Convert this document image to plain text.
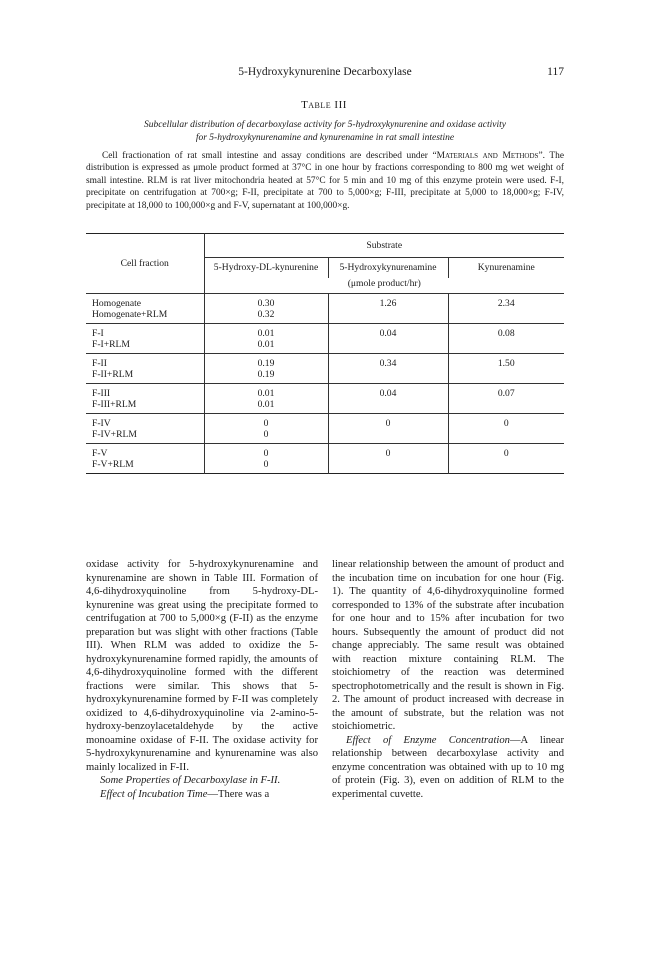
5-Hydroxykynurenine Decarboxylase	117
Table III
Subcellular distribution of decarboxylase activity for 5-hydroxykynurenine and oxidase activity
for 5-hydroxykynurenamine and kynurenamine in rat small intestine
Cell fractionation of rat small intestine and assay conditions are described under “Materials and Methods”. The distribution is expressed as μmole product formed at 37°C in one hour by fractions corresponding to 800 mg wet weight of small intestine. RLM is rat liver mitochondria heated at 57°C for 5 min and 10 mg of this enzyme protein were used. F-I, precipitate on centrifugation at 700×g; F-II, precipitate at 700 to 5,000×g; F-III, precipitate at 5,000 to 18,000×g; F-IV, precipitate at 18,000 to 100,000×g and F-V, supernatant at 100,000×g.
Cell fraction	Substrate		
	5-Hydroxy-DL-kynurenine	5-Hydroxykynurenamine	Kynurenamine
	(μmole product/hr)		
Homogenate	0.30	1.26	2.34
Homogenate+RLM	0.32		
F-I	0.01	0.04	0.08
F-I+RLM	0.01		
F-II	0.19	0.34	1.50
F-II+RLM	0.19		
F-III	0.01	0.04	0.07
F-III+RLM	0.01		
F-IV	0	0	0
F-IV+RLM	0		
F-V	0	0	0
F-V+RLM	0		

oxidase activity for 5-hydroxykynurenamine and kynurenamine are shown in Table III. Formation of 4,6-dihydroxyquinoline from 5-hydroxy-DL-kynurenine was great using the precipitate formed to centrifugation at 700 to 5,000×g (F-II) as the enzyme preparation but was slight with other fractions (Table III). When RLM was added to oxidize the 5-hydroxykynurenamine formed rapidly, the amounts of 4,6-dihydroxyquinoline formed with the different fractions were similar. This shows that 5-hydroxykynurenamine formed by F-II was completely oxidized to 4,6-dihydroxyquinoline via 2-amino-5-hydroxy-benzoylacetaldehyde by the active monoamine oxidase of F-II. The oxidase activity for 5-hydroxykynurenamine and kynurenamine was also mainly localized in F-II.

Some Properties of Decarboxylase in F-II.

Effect of Incubation Time—There was a

linear relationship between the amount of product and the incubation time on incubation for one hour (Fig. 1). The quantity of 4,6-dihydroxyquinoline formed corresponded to 13% of the substrate after incubation for one hour and to 15% after incubation for two hours. Subsequently the amount of product did not change appreciably. The same result was obtained with reaction mixture containing RLM. The stoichiometry of the reaction was determined spectrophotometrically and the result is shown in Fig. 2. The amount of product increased with decrease in the amount of substrate, but the relation was not stoichiometric.

Effect of Enzyme Concentration—A linear relationship between decarboxylase activity and enzyme concentration was obtained with up to 10 mg of protein (Fig. 3), even on addition of RLM to the experimental cuvette.
